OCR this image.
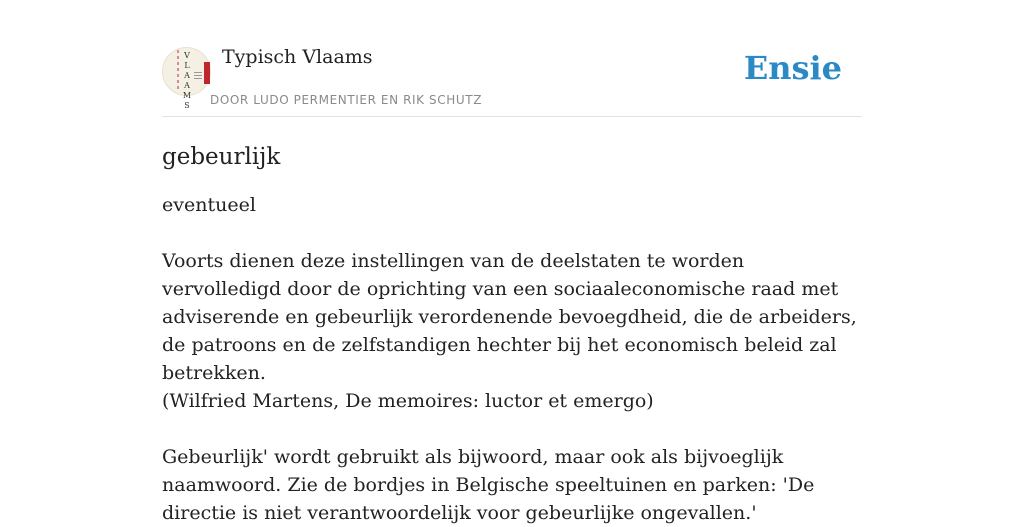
V
L
A
A
M
S
Typisch Vlaams
DOOR LUDO PERMENTIER EN RIK SCHUTZ
Ensie
gebeurlijk

eventueel

Voorts dienen deze instellingen van de deelstaten te worden vervolledigd door de oprichting van een sociaaleconomische raad met adviserende en gebeurlijk verordenende bevoegdheid, die de arbeiders, de patroons en de zelfstandigen hechter bij het economisch beleid zal betrekken.

(Wilfried Martens, De memoires: luctor et emergo)

Gebeurlijk' wordt gebruikt als bijwoord, maar ook als bijvoeglijk naamwoord. Zie de bordjes in Belgische speeltuinen en parken: 'De directie is niet verantwoordelijk voor gebeurlijke ongevallen.'
